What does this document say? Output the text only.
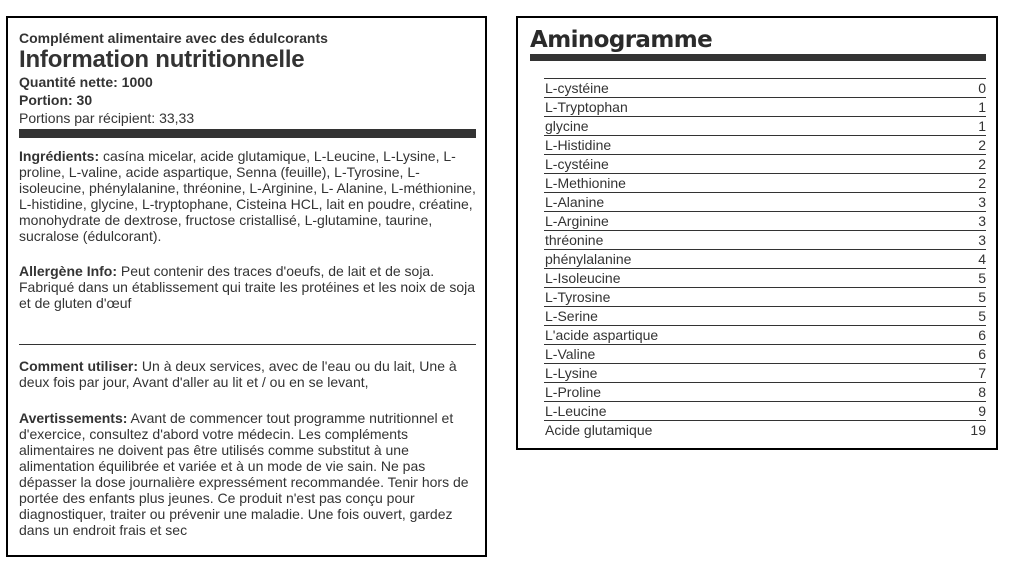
Complément alimentaire avec des édulcorants
Information nutritionnelle
Quantité nette: 1000
Portion: 30
Portions par récipient: 33,33
Ingrédients: casína micelar, acide glutamique, L-Leucine, L-Lysine, L-proline, L-valine, acide aspartique, Senna (feuille), L-Tyrosine, L-isoleucine, phénylalanine, thréonine, L-Arginine, L- Alanine, L-méthionine, L-histidine, glycine, L-tryptophane, Cisteina HCL, lait en poudre, créatine, monohydrate de dextrose, fructose cristallisé, L-glutamine, taurine, sucralose (édulcorant).
Allergène Info: Peut contenir des traces d'oeufs, de lait et de soja. Fabriqué dans un établissement qui traite les protéines et les noix de soja et de gluten d'œuf
Comment utiliser: Un à deux services, avec de l'eau ou du lait, Une à deux fois par jour, Avant d'aller au lit et / ou en se levant,
Avertissements: Avant de commencer tout programme nutritionnel et d'exercice, consultez d'abord votre médecin. Les compléments alimentaires ne doivent pas être utilisés comme substitut à une alimentation équilibrée et variée et à un mode de vie sain. Ne pas dépasser la dose journalière expressément recommandée. Tenir hors de portée des enfants plus jeunes. Ce produit n'est pas conçu pour diagnostiquer, traiter ou prévenir une maladie. Une fois ouvert, gardez dans un endroit frais et sec
Aminogramme
L-cystéine	0
L-Tryptophan	1
glycine	1
L-Histidine	2
L-cystéine	2
L-Methionine	2
L-Alanine	3
L-Arginine	3
thréonine	3
phénylalanine	4
L-Isoleucine	5
L-Tyrosine	5
L-Serine	5
L'acide aspartique	6
L-Valine	6
L-Lysine	7
L-Proline	8
L-Leucine	9
Acide glutamique	19
